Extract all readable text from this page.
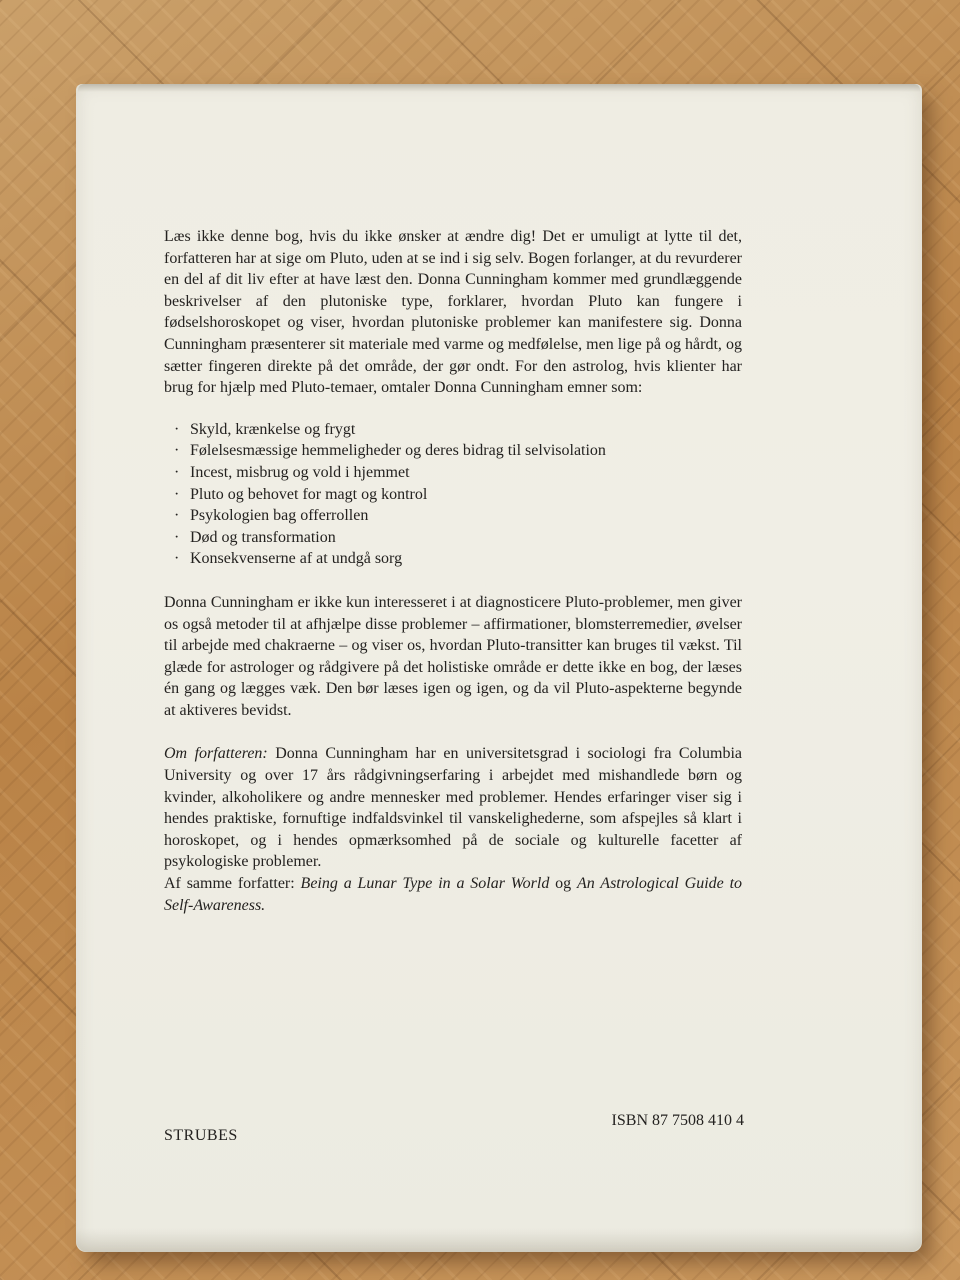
Læs ikke denne bog, hvis du ikke ønsker at ændre dig! Det er umuligt at lytte til det, forfatteren har at sige om Pluto, uden at se ind i sig selv. Bogen forlanger, at du revurderer en del af dit liv efter at have læst den. Donna Cunningham kommer med grundlæggende beskrivelser af den plutoniske type, forklarer, hvordan Pluto kan fungere i fødselshoroskopet og viser, hvordan plutoniske problemer kan manifestere sig. Donna Cunningham præsenterer sit materiale med varme og medfølelse, men lige på og hårdt, og sætter fingeren direkte på det område, der gør ondt. For den astrolog, hvis klienter har brug for hjælp med Pluto-temaer, omtaler Donna Cunningham emner som:

· Skyld, krænkelse og frygt
· Følelsesmæssige hemmeligheder og deres bidrag til selvisolation
· Incest, misbrug og vold i hjemmet
· Pluto og behovet for magt og kontrol
· Psykologien bag offerrollen
· Død og transformation
· Konsekvenserne af at undgå sorg

Donna Cunningham er ikke kun interesseret i at diagnosticere Pluto-problemer, men giver os også metoder til at afhjælpe disse problemer – affirmationer, blomsterremedier, øvelser til arbejde med chakraerne – og viser os, hvordan Pluto-transitter kan bruges til vækst. Til glæde for astrologer og rådgivere på det holistiske område er dette ikke en bog, der læses én gang og lægges væk. Den bør læses igen og igen, og da vil Pluto-aspekterne begynde at aktiveres bevidst.

Om forfatteren: Donna Cunningham har en universitetsgrad i sociologi fra Columbia University og over 17 års rådgivningserfaring i arbejdet med mishandlede børn og kvinder, alkoholikere og andre mennesker med problemer. Hendes erfaringer viser sig i hendes praktiske, fornuftige indfaldsvinkel til vanskelighederne, som afspejles så klart i horoskopet, og i hendes opmærksomhed på de sociale og kulturelle facetter af psykologiske problemer.

Af samme forfatter: Being a Lunar Type in a Solar World og An Astrological Guide to Self-Awareness.

ISBN 87 7508 410 4
STRUBES
